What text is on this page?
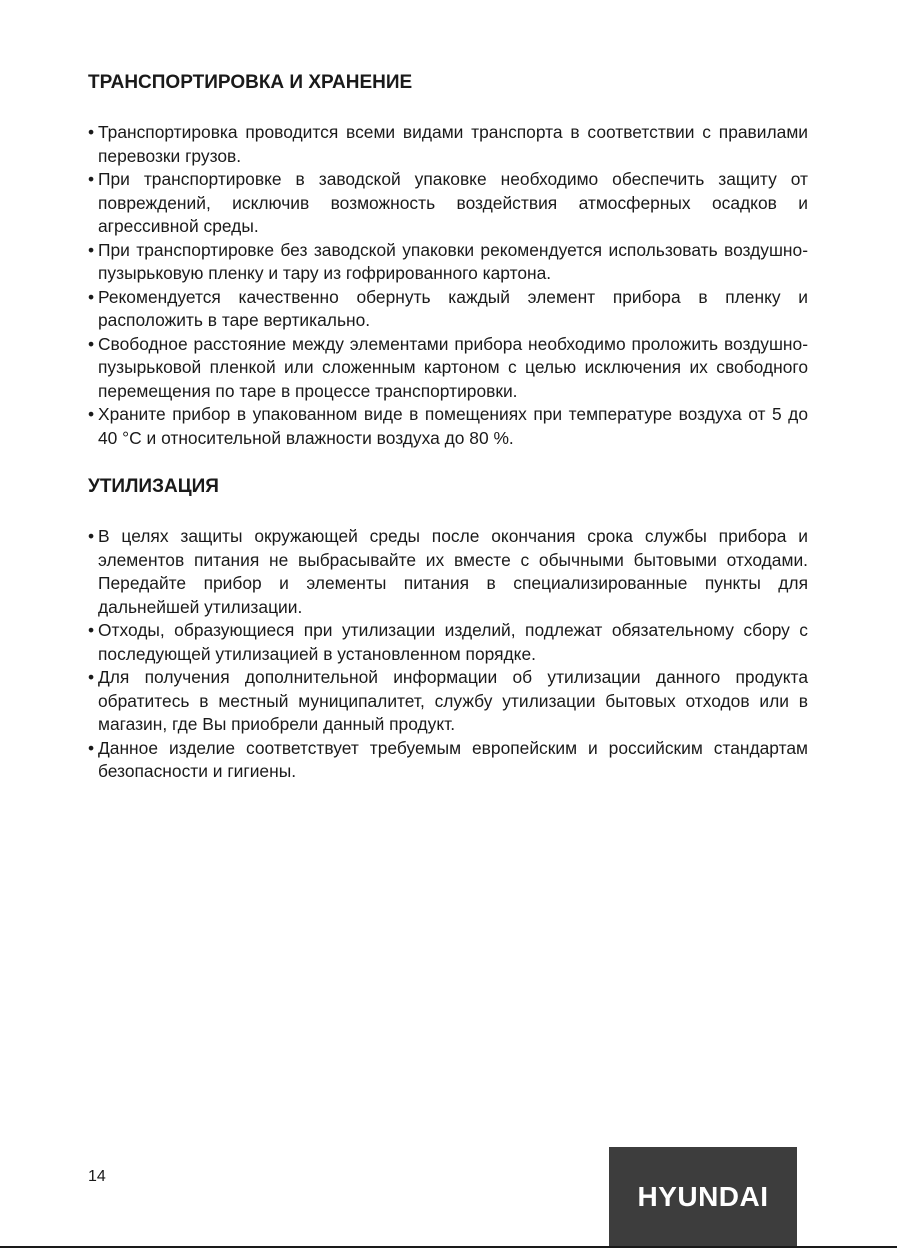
ТРАНСПОРТИРОВКА И ХРАНЕНИЕ
• Транспортировка проводится всеми видами транспорта в соответствии с правилами перевозки грузов.
• При транспортировке в заводской упаковке необходимо обеспечить защиту от повреждений, исключив возможность воздействия атмосферных осадков и агрессивной среды.
• При транспортировке без заводской упаковки рекомендуется использовать воздушно-пузырьковую пленку и тару из гофрированного картона.
• Рекомендуется качественно обернуть каждый элемент прибора в пленку и расположить в таре вертикально.
• Свободное расстояние между элементами прибора необходимо проложить воздушно-пузырьковой пленкой или сложенным картоном с целью исключения их свободного перемещения по таре в процессе транспортировки.
• Храните прибор в упакованном виде в помещениях при температуре воздуха от 5 до 40 °C и относительной влажности воздуха до 80 %.
УТИЛИЗАЦИЯ
• В целях защиты окружающей среды после окончания срока службы прибора и элементов питания не выбрасывайте их вместе с обычными бытовыми отходами. Передайте прибор и элементы питания в специализированные пункты для дальнейшей утилизации.
• Отходы, образующиеся при утилизации изделий, подлежат обязательному сбору с последующей утилизацией в установленном порядке.
• Для получения дополнительной информации об утилизации данного продукта обратитесь в местный муниципалитет, службу утилизации бытовых отходов или в магазин, где Вы приобрели данный продукт.
• Данное изделие соответствует требуемым европейским и российским стандартам безопасности и гигиены.
14
HYUNDAI
